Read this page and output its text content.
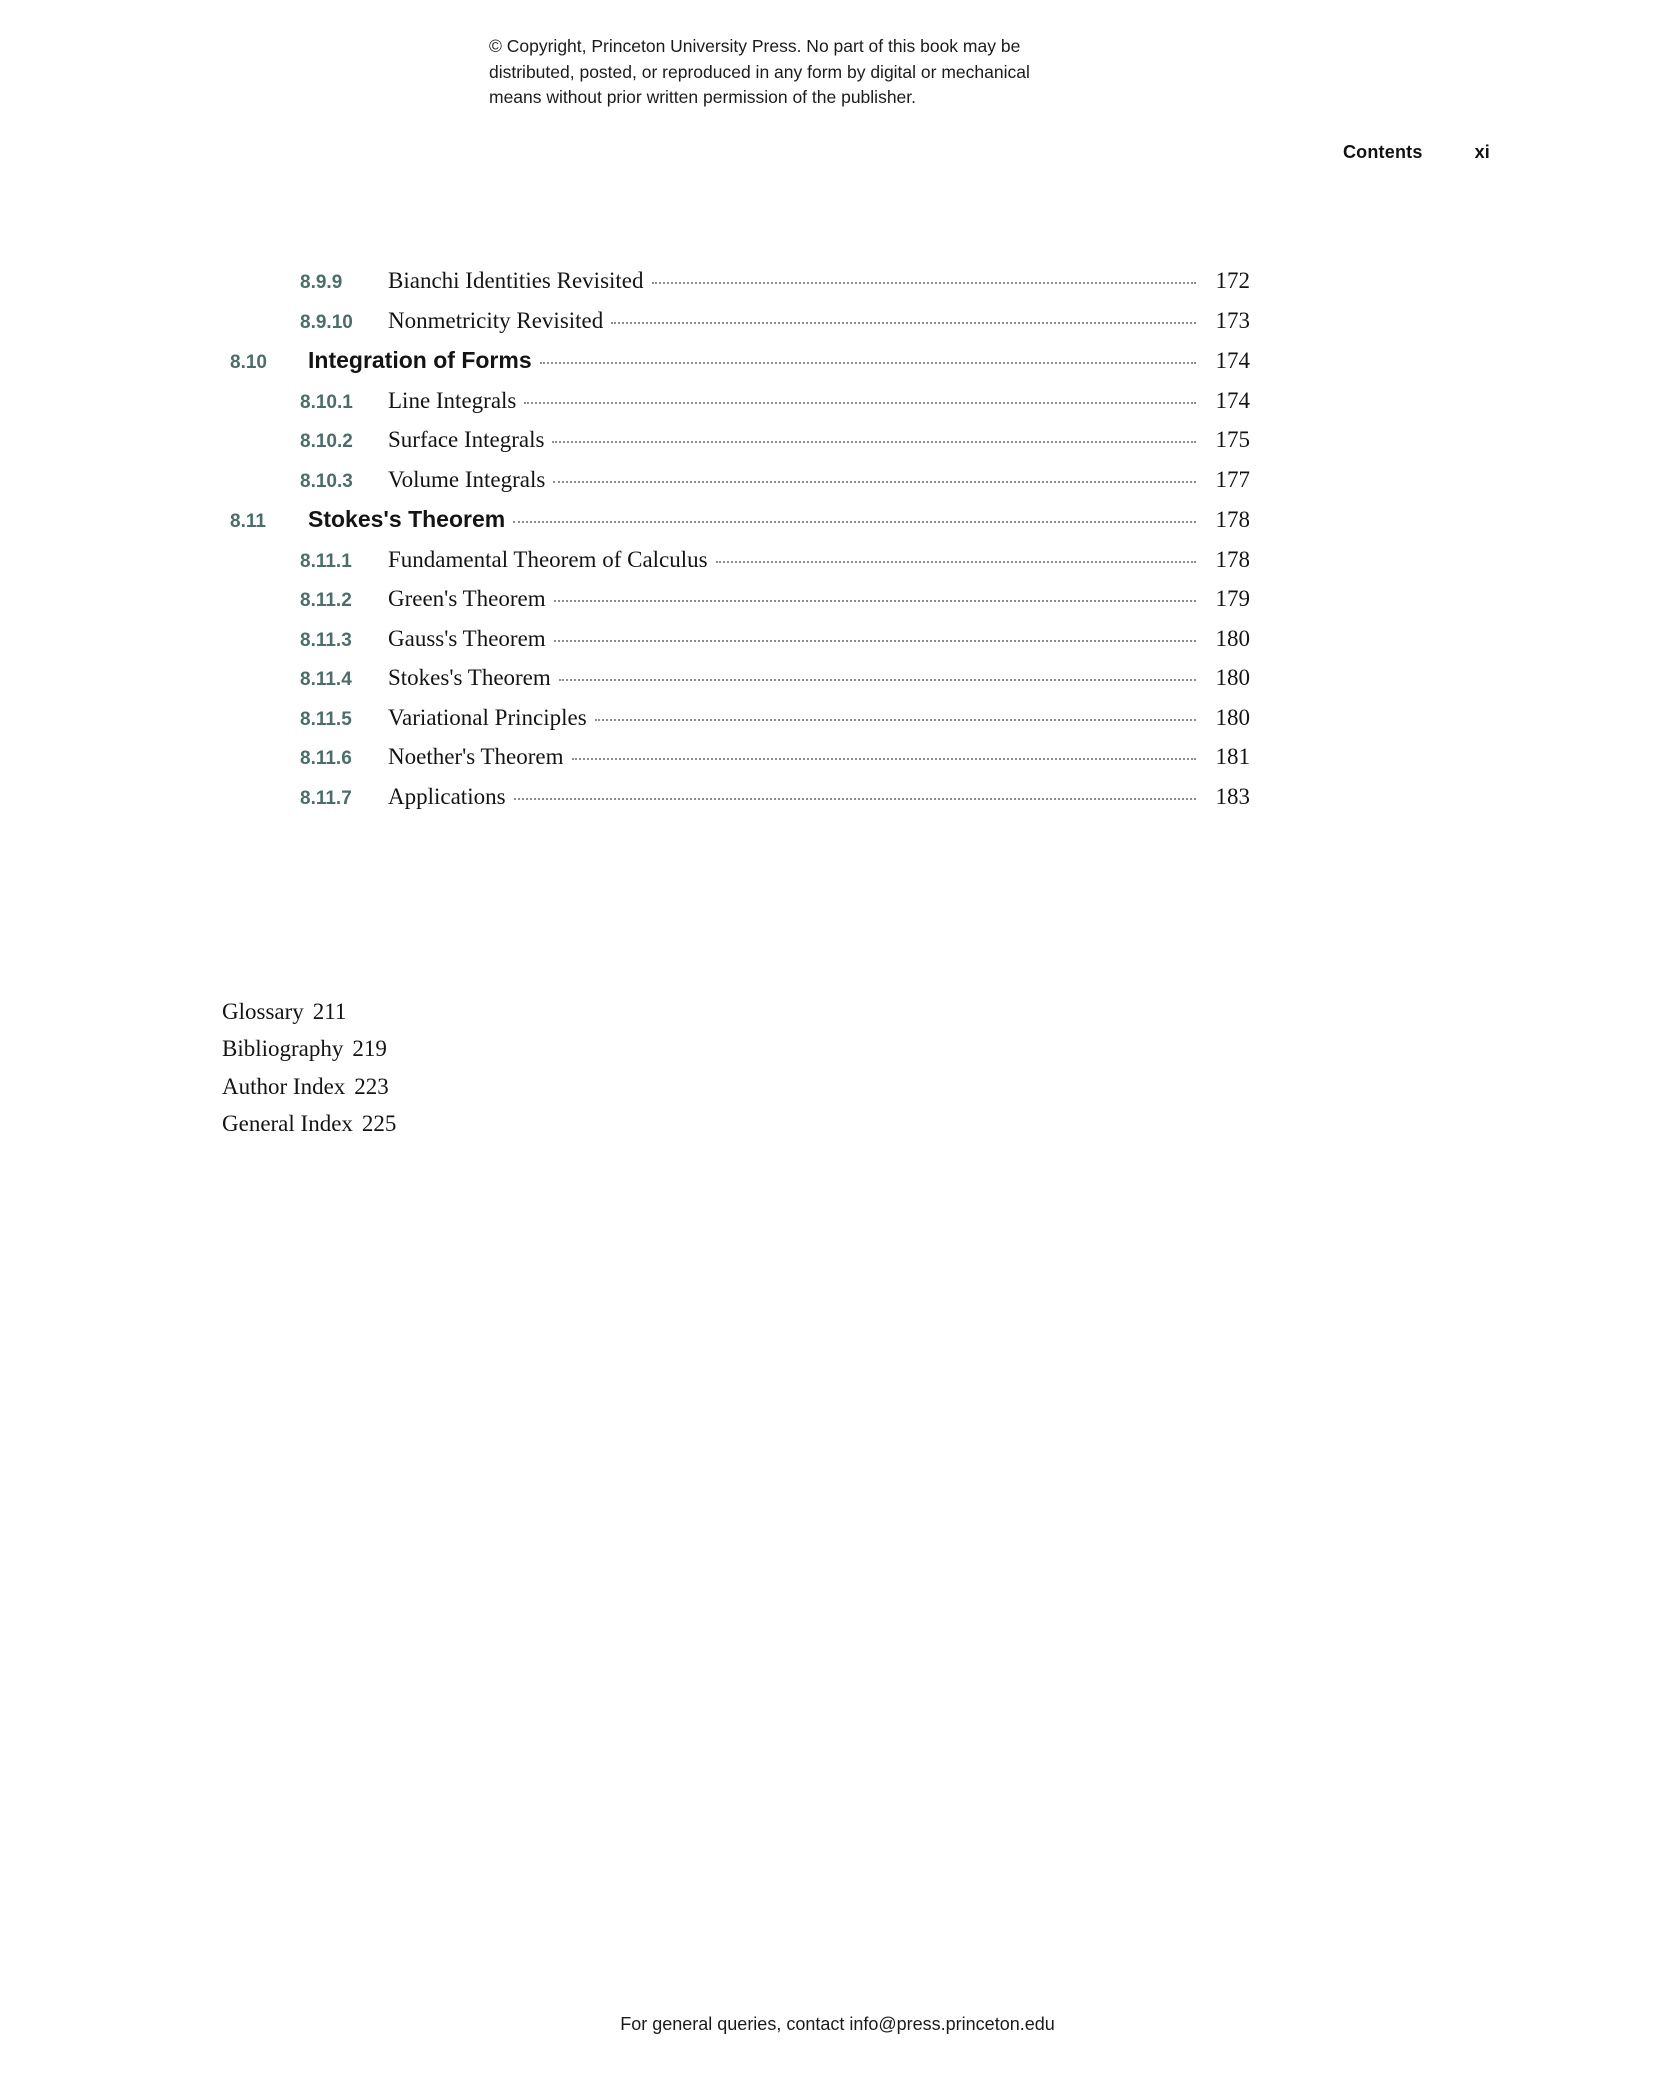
© Copyright, Princeton University Press. No part of this book may be
distributed, posted, or reproduced in any form by digital or mechanical
means without prior written permission of the publisher.
Contents	xi
8.9.9	Bianchi Identities Revisited	172
8.9.10	Nonmetricity Revisited	173
8.10	Integration of Forms	174
8.10.1	Line Integrals	174
8.10.2	Surface Integrals	175
8.10.3	Volume Integrals	177
8.11	Stokes's Theorem	178
8.11.1	Fundamental Theorem of Calculus	178
8.11.2	Green's Theorem	179
8.11.3	Gauss's Theorem	180
8.11.4	Stokes's Theorem	180
8.11.5	Variational Principles	180
8.11.6	Noether's Theorem	181
8.11.7	Applications	183
Glossary 211
Bibliography 219
Author Index 223
General Index 225
For general queries, contact info@press.princeton.edu
